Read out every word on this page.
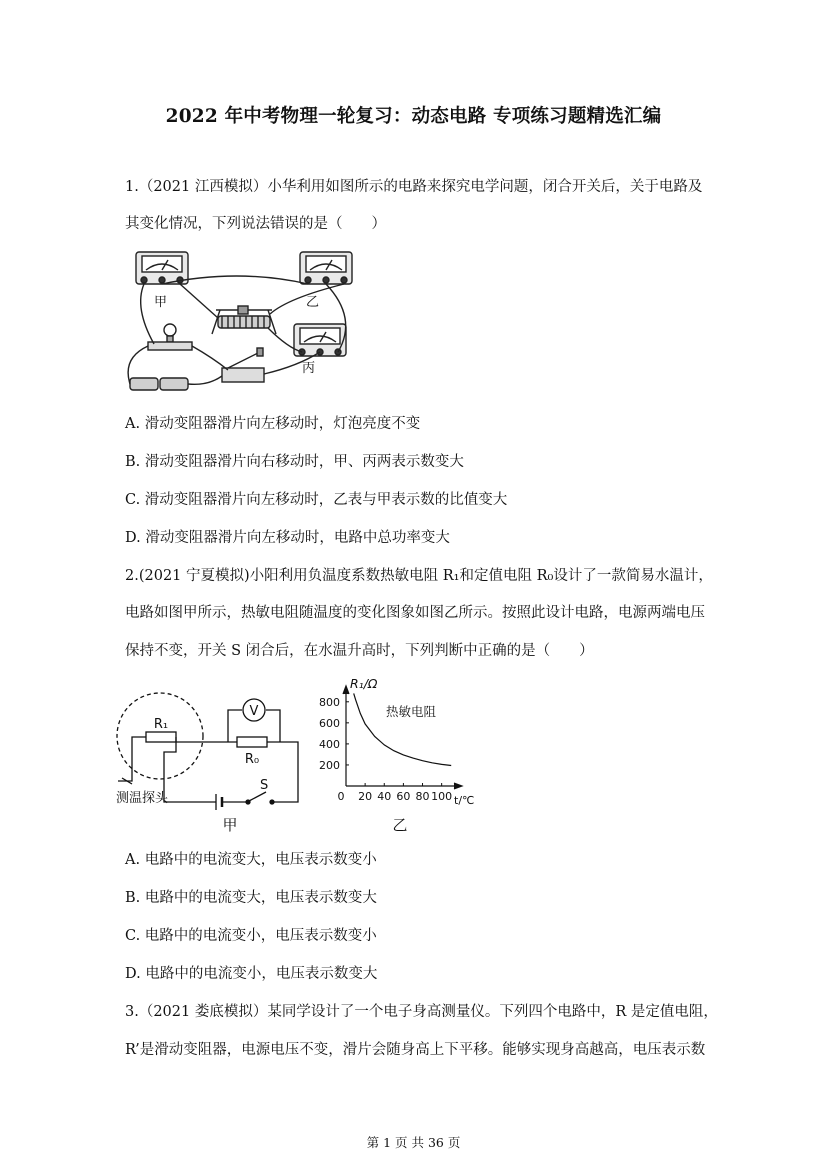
2022 年中考物理一轮复习：动态电路 专项练习题精选汇编
1.（2021 江西模拟）小华利用如图所示的电路来探究电学问题，闭合开关后，关于电路及
其变化情况，下列说法错误的是（　　）
甲	乙
丙
A. 滑动变阻器滑片向左移动时，灯泡亮度不变
B. 滑动变阻器滑片向右移动时，甲、丙两表示数变大
C. 滑动变阻器滑片向左移动时，乙表与甲表示数的比值变大
D. 滑动变阻器滑片向左移动时，电路中总功率变大
2.(2021 宁夏模拟)小阳利用负温度系数热敏电阻 R₁和定值电阻 R₀设计了一款简易水温计，
电路如图甲所示，热敏电阻随温度的变化图象如图乙所示。按照此设计电路，电源两端电压
保持不变，开关 S 闭合后，在水温升高时，下列判断中正确的是（　　）
V
R₁
R₀
S
测温探头
甲
20 40 60 80 100
200
400
600
800
R₁/Ω
t/℃
热敏电阻
0
乙
A. 电路中的电流变大，电压表示数变小
B. 电路中的电流变大，电压表示数变大
C. 电路中的电流变小，电压表示数变小
D. 电路中的电流变小，电压表示数变大
3.（2021 娄底模拟）某同学设计了一个电子身高测量仪。下列四个电路中，R 是定值电阻，
R’是滑动变阻器，电源电压不变，滑片会随身高上下平移。能够实现身高越高，电压表示数
第 1 页 共 36 页
